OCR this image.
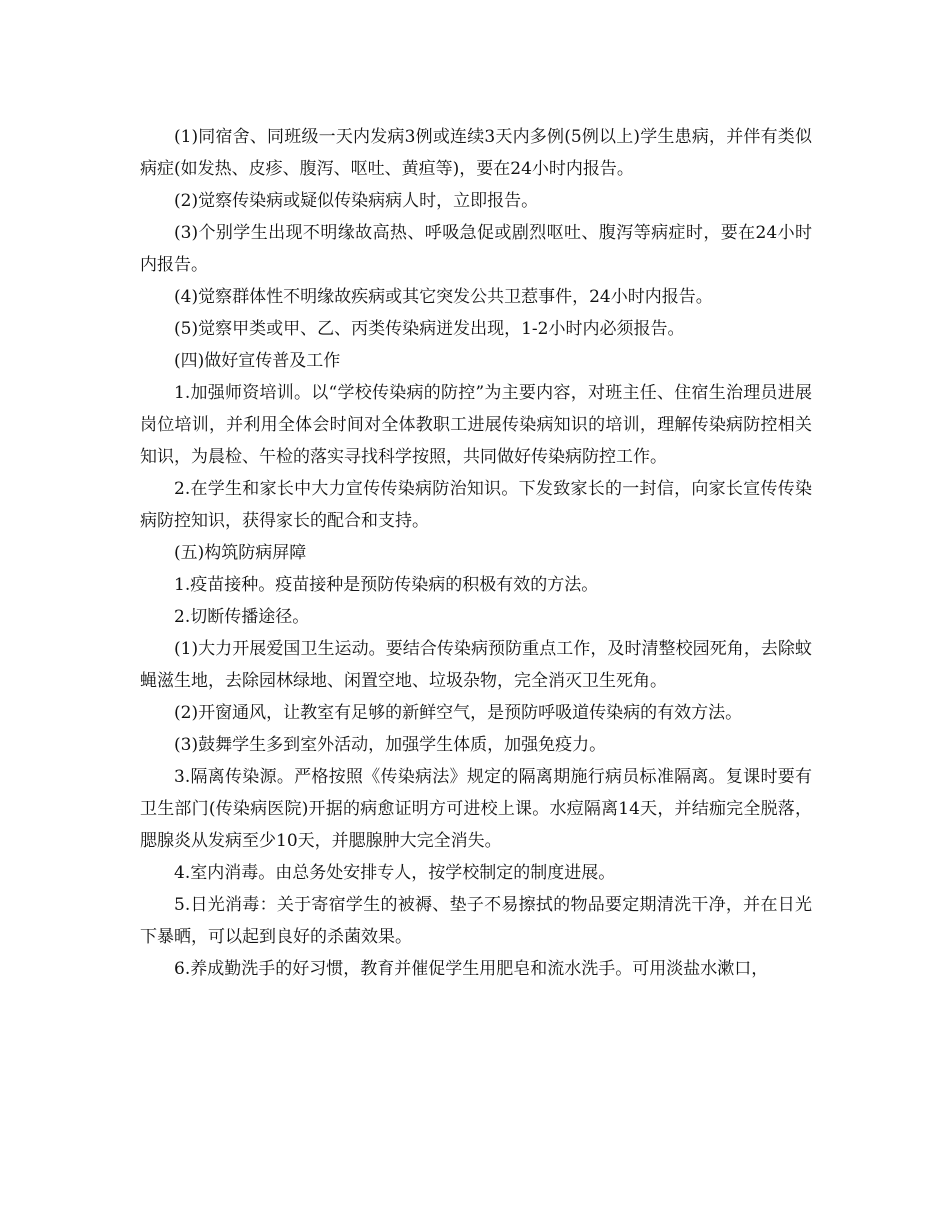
(1)同宿舍、同班级一天内发病3例或连续3天内多例(5例以上)学生患病，并伴有类似病症(如发热、皮疹、腹泻、呕吐、黄疸等)，要在24小时内报告。

(2)觉察传染病或疑似传染病病人时，立即报告。

(3)个别学生出现不明缘故高热、呼吸急促或剧烈呕吐、腹泻等病症时，要在24小时内报告。

(4)觉察群体性不明缘故疾病或其它突发公共卫惹事件，24小时内报告。

(5)觉察甲类或甲、乙、丙类传染病迸发出现，1-2小时内必须报告。

(四)做好宣传普及工作

1.加强师资培训。以“学校传染病的防控”为主要内容，对班主任、住宿生治理员进展岗位培训，并利用全体会时间对全体教职工进展传染病知识的培训，理解传染病防控相关知识，为晨检、午检的落实寻找科学按照，共同做好传染病防控工作。

2.在学生和家长中大力宣传传染病防治知识。下发致家长的一封信，向家长宣传传染病防控知识，获得家长的配合和支持。

(五)构筑防病屏障

1.疫苗接种。疫苗接种是预防传染病的积极有效的方法。

2.切断传播途径。

(1)大力开展爱国卫生运动。要结合传染病预防重点工作，及时清整校园死角，去除蚊蝇滋生地，去除园林绿地、闲置空地、垃圾杂物，完全消灭卫生死角。

(2)开窗通风，让教室有足够的新鲜空气，是预防呼吸道传染病的有效方法。

(3)鼓舞学生多到室外活动，加强学生体质，加强免疫力。

3.隔离传染源。严格按照《传染病法》规定的隔离期施行病员标准隔离。复课时要有卫生部门(传染病医院)开据的病愈证明方可进校上课。水痘隔离14天，并结痂完全脱落，腮腺炎从发病至少10天，并腮腺肿大完全消失。

4.室内消毒。由总务处安排专人，按学校制定的制度进展。

5.日光消毒：关于寄宿学生的被褥、垫子不易擦拭的物品要定期清洗干净，并在日光下暴晒，可以起到良好的杀菌效果。

6.养成勤洗手的好习惯，教育并催促学生用肥皂和流水洗手。可用淡盐水漱口，
